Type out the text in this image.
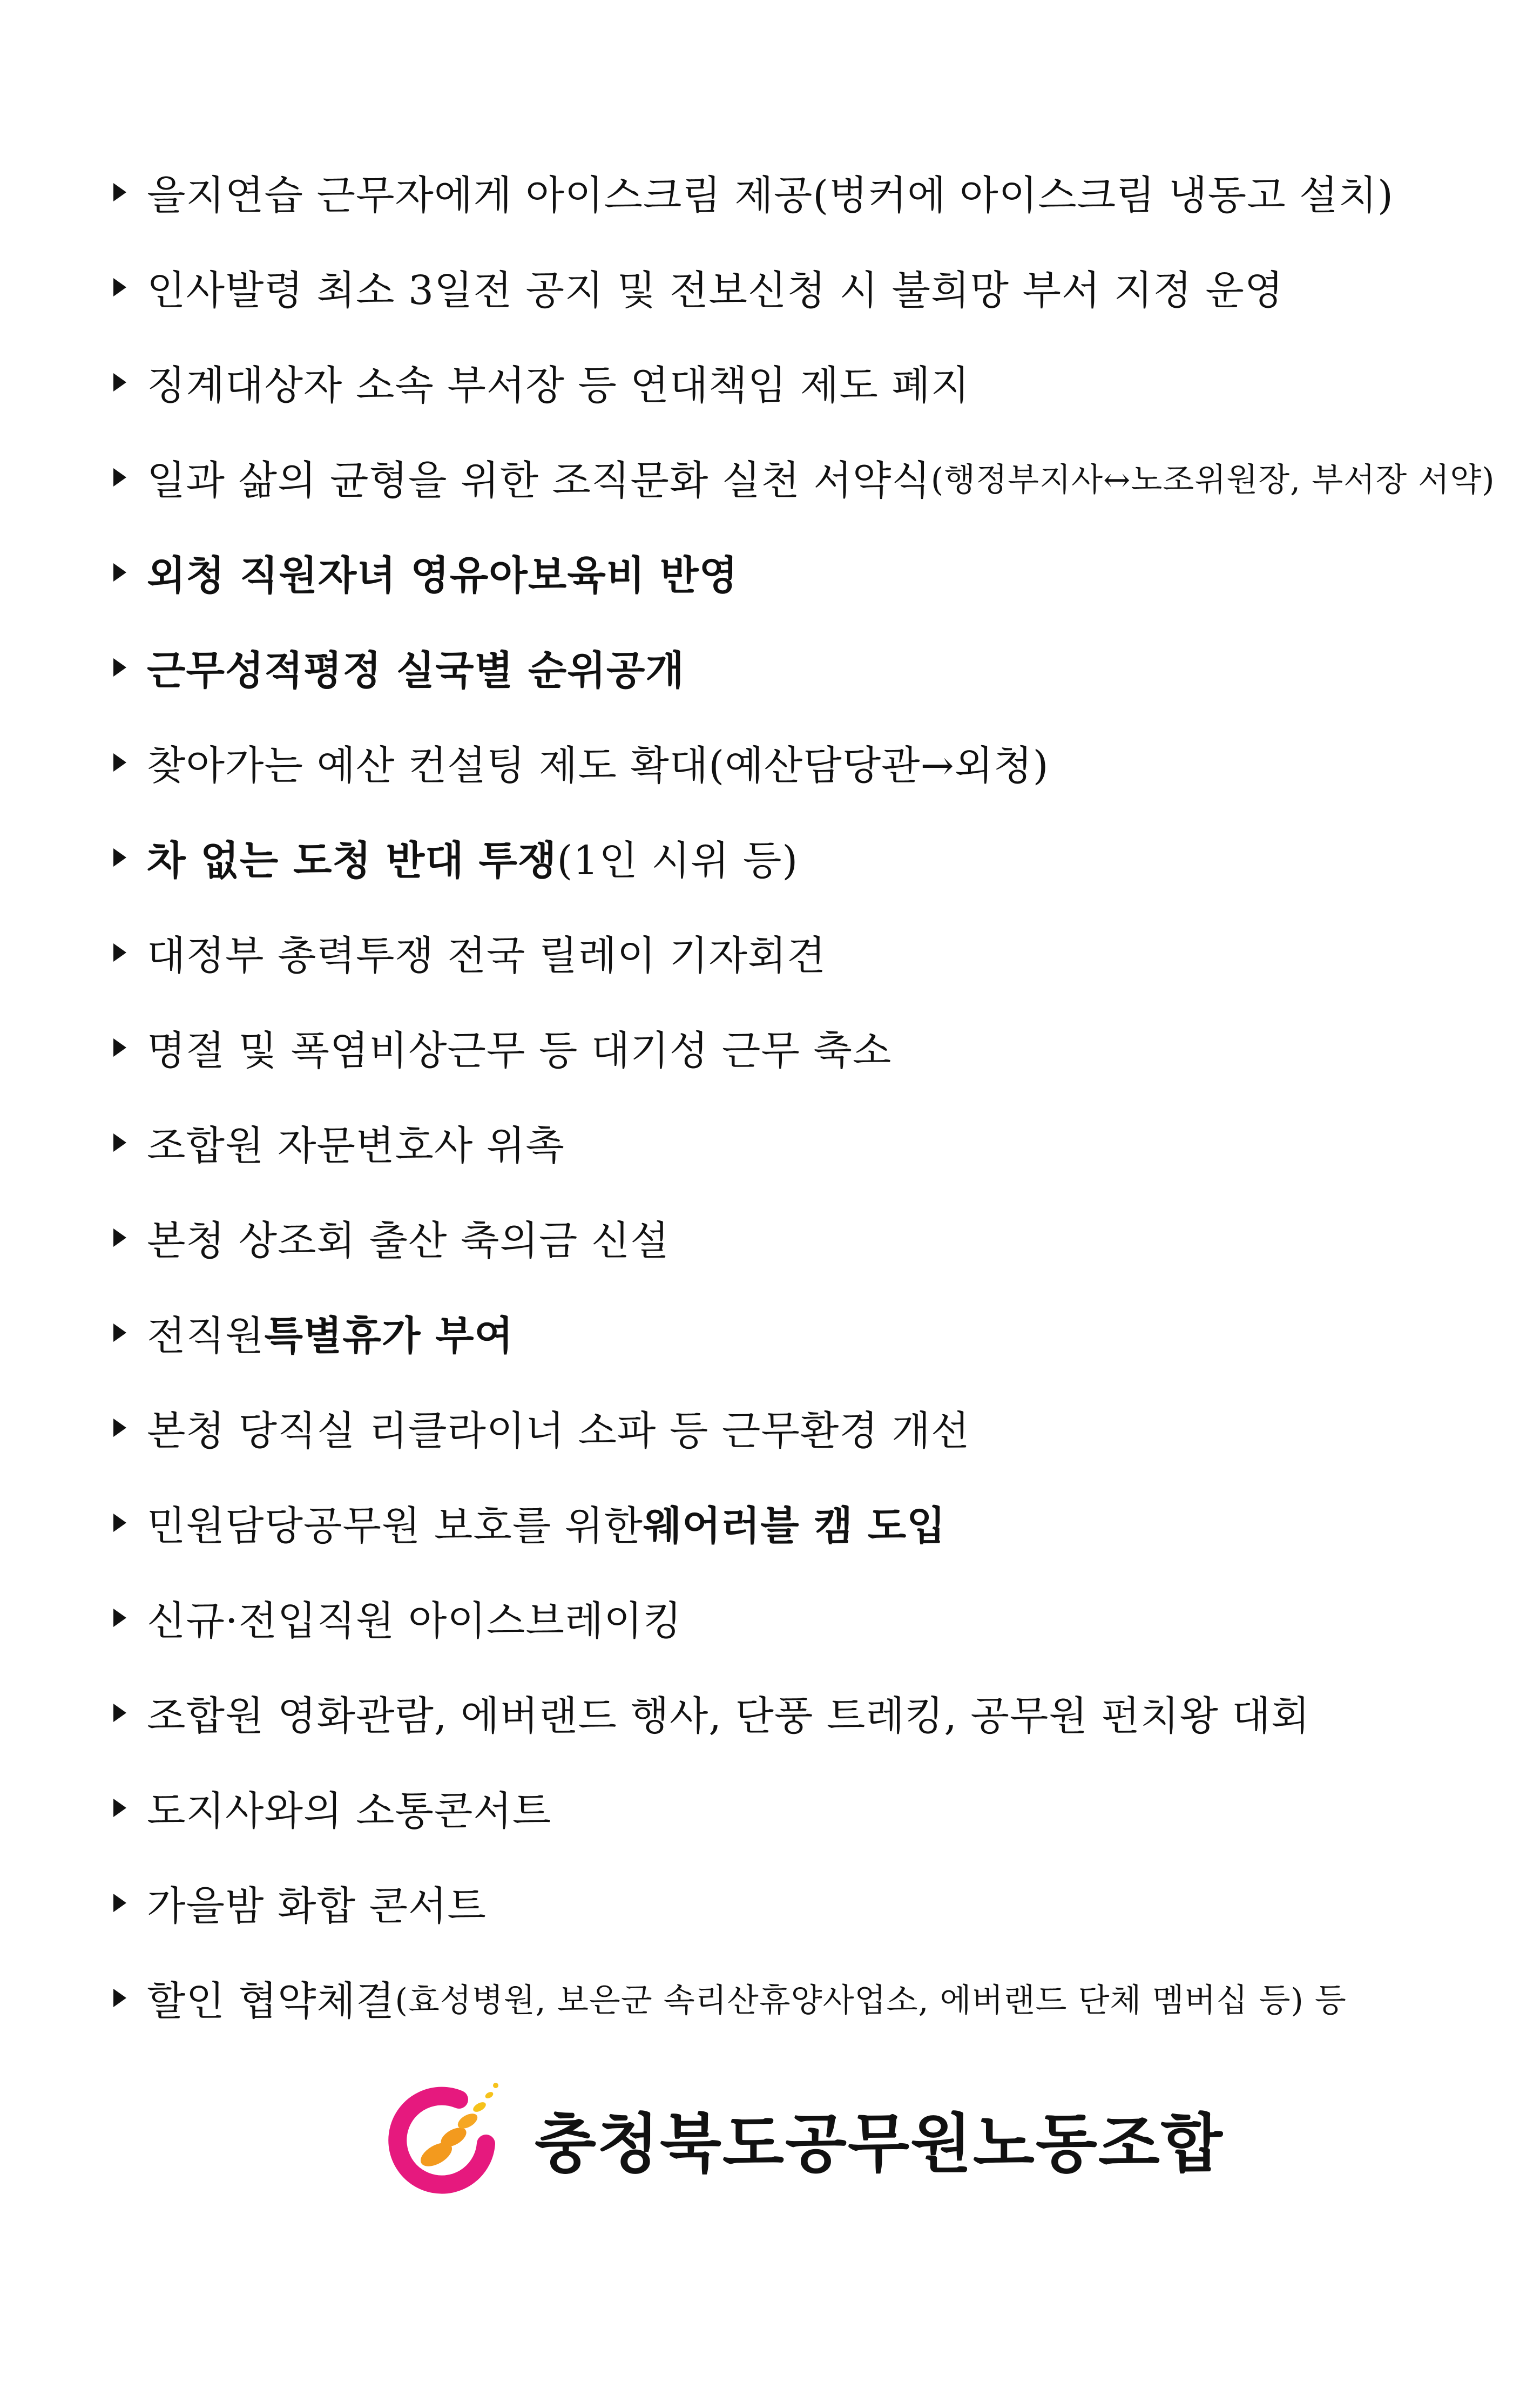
을지연습 근무자에게 아이스크림 제공(벙커에 아이스크림 냉동고 설치)
인사발령 최소 3일전 공지 및 전보신청 시 불희망 부서 지정 운영
징계대상자 소속 부서장 등 연대책임 제도 폐지
일과 삶의 균형을 위한 조직문화 실천 서약식 (행정부지사↔노조위원장, 부서장 서약)
외청 직원자녀 영유아보육비 반영
근무성적평정 실국별 순위공개
찾아가는 예산 컨설팅 제도 확대(예산담당관→외청)
차 없는 도청 반대 투쟁 (1인 시위 등)
대정부 총력투쟁 전국 릴레이 기자회견
명절 및 폭염비상근무 등 대기성 근무 축소
조합원 자문변호사 위촉
본청 상조회 출산 축의금 신설
전직원 특별휴가 부여
본청 당직실 리클라이너 소파 등 근무환경 개선
민원담당공무원 보호를 위한 웨어러블 캠 도입
신규·전입직원 아이스브레이킹
조합원 영화관람, 에버랜드 행사, 단풍 트레킹, 공무원 펀치왕 대회
도지사와의 소통콘서트
가을밤 화합 콘서트
할인 협약체결 (효성병원, 보은군 속리산휴양사업소, 에버랜드 단체 멤버십 등) 등
충청북도공무원노동조합
